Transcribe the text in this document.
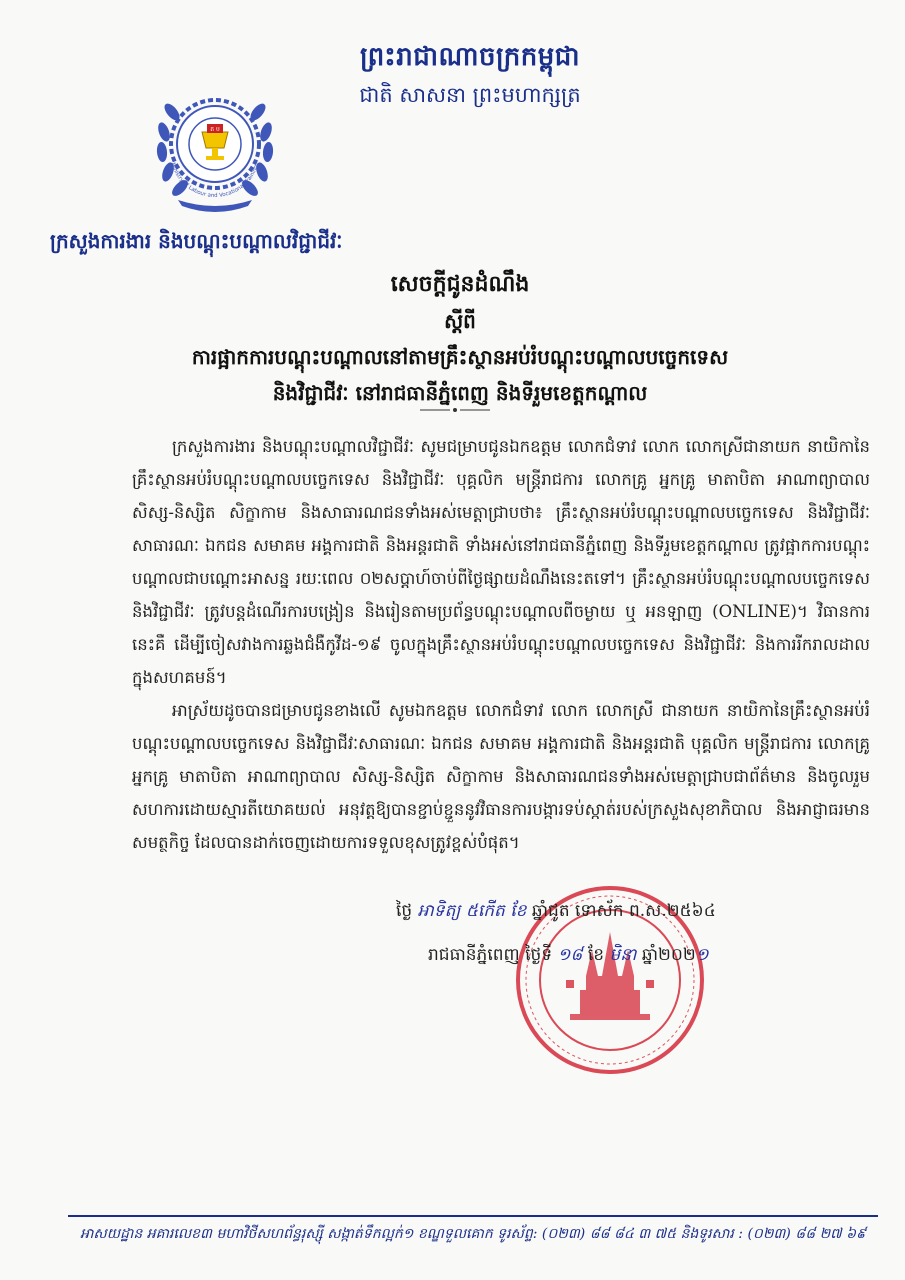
ត ប
Ministry of Labour and Vocational Training
ព្រះរាជាណាចក្រកម្ពុជា
ជាតិ សាសនា ព្រះមហាក្សត្រ
ក្រសួងការងារ និងបណ្តុះបណ្តាលវិជ្ជាជីវៈ
សេចក្តីជូនដំណឹង
ស្តីពី
ការផ្អាកការបណ្តុះបណ្តាលនៅតាមគ្រឹះស្ថានអប់រំបណ្តុះបណ្តាលបច្ចេកទេស
និងវិជ្ជាជីវៈ នៅរាជធានីភ្នំពេញ និងទីរួមខេត្តកណ្តាល

ក្រសួងការងារ និងបណ្តុះបណ្តាលវិជ្ជាជីវៈ សូមជម្រាបជូនឯកឧត្តម លោកជំទាវ លោក លោកស្រីជានាយក នាយិកានៃគ្រឹះស្ថានអប់រំបណ្តុះបណ្តាលបច្ចេកទេស និងវិជ្ជាជីវៈ បុគ្គលិក មន្ត្រីរាជការ លោកគ្រូ អ្នកគ្រូ មាតាបិតា អាណាព្យាបាល សិស្ស-និស្សិត សិក្ខាកាម និងសាធារណជនទាំងអស់មេត្តាជ្រាបថា៖ គ្រឹះស្ថានអប់រំបណ្តុះបណ្តាលបច្ចេកទេស និងវិជ្ជាជីវៈ សាធារណៈ ឯកជន សមាគម អង្គការជាតិ និងអន្តរជាតិ ទាំងអស់នៅរាជធានីភ្នំពេញ និងទីរួមខេត្តកណ្តាល ត្រូវផ្អាកការបណ្តុះបណ្តាលជាបណ្តោះអាសន្ន រយៈពេល ០២សប្តាហ៍ចាប់ពីថ្ងៃផ្សាយដំណឹងនេះតទៅ។ គ្រឹះស្ថានអប់រំបណ្តុះបណ្តាលបច្ចេកទេស និងវិជ្ជាជីវៈ ត្រូវបន្តដំណើរការបង្រៀន និងរៀនតាមប្រព័ន្ធបណ្តុះបណ្តាលពីចម្ងាយ ឬ អនឡាញ (ONLINE)។ វិធានការនេះគឺ ដើម្បីចៀសវាងការឆ្លងជំងឺកូវីដ-១៩ ចូលក្នុងគ្រឹះស្ថានអប់រំបណ្តុះបណ្តាលបច្ចេកទេស និងវិជ្ជាជីវៈ និងការរីករាលដាលក្នុងសហគមន៍។

អាស្រ័យដូចបានជម្រាបជូនខាងលើ សូមឯកឧត្តម លោកជំទាវ លោក លោកស្រី ជានាយក នាយិកានៃគ្រឹះស្ថានអប់រំបណ្តុះបណ្តាលបច្ចេកទេស និងវិជ្ជាជីវៈសាធារណៈ ឯកជន សមាគម អង្គការជាតិ និងអន្តរជាតិ បុគ្គលិក មន្ត្រីរាជការ លោកគ្រូ អ្នកគ្រូ មាតាបិតា អាណាព្យាបាល សិស្ស-និស្សិត សិក្ខាកាម និងសាធារណជនទាំងអស់មេត្តាជ្រាបជាព័ត៌មាន និងចូលរួមសហការដោយស្មារតីយោគយល់ អនុវត្តឱ្យបានខ្ជាប់ខ្ជួននូវវិធានការបង្ការទប់ស្កាត់របស់ក្រសួងសុខាភិបាល និងអាជ្ញាធរមានសមត្ថកិច្ច ដែលបានដាក់ចេញដោយការទទួលខុសត្រូវខ្ពស់បំផុត។

ថ្ងៃ អាទិត្យ ៥កើត ខែ ឆ្នាំជូត ទោស័ក ព.ស.២៥៦៤
រាជធានីភ្នំពេញ ថ្ងៃទី ១៨ ខែ មិនា ឆ្នាំ២០២១
អាសយដ្ឋាន អគារលេខ៣ មហាវិថីសហព័ន្ធរុស្ស៊ី សង្កាត់ទឹកល្អក់១ ខណ្ឌទួលគោក ទូរស័ព្ទ: (០២៣) ៨៨ ៨៤ ៣ ៧៥ និងទូរសារ : (០២៣) ៨៨ ២៧ ៦៩
